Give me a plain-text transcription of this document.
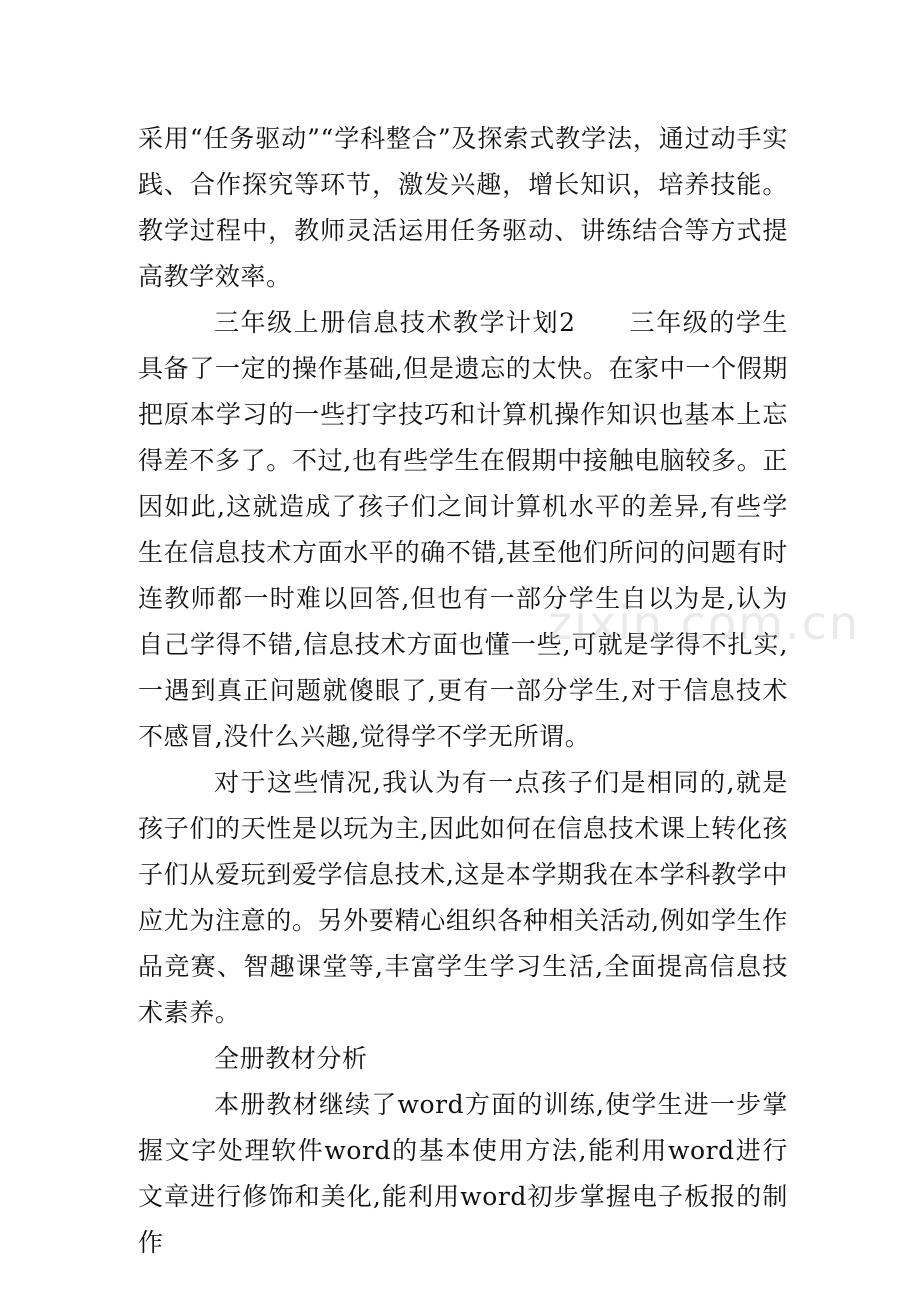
采用“任务驱动”“学科整合”及探索式教学法，通过动手实践、合作探究等环节，激发兴趣，增长知识，培养技能。教学过程中，教师灵活运用任务驱动、讲练结合等方式提高教学效率。

三年级上册信息技术教学计划2　　三年级的学生具备了一定的操作基础,但是遗忘的太快。在家中一个假期把原本学习的一些打字技巧和计算机操作知识也基本上忘得差不多了。不过,也有些学生在假期中接触电脑较多。正因如此,这就造成了孩子们之间计算机水平的差异,有些学生在信息技术方面水平的确不错,甚至他们所问的问题有时连教师都一时难以回答,但也有一部分学生自以为是,认为自己学得不错,信息技术方面也懂一些,可就是学得不扎实,一遇到真正问题就傻眼了,更有一部分学生,对于信息技术不感冒,没什么兴趣,觉得学不学无所谓。

对于这些情况,我认为有一点孩子们是相同的,就是孩子们的天性是以玩为主,因此如何在信息技术课上转化孩子们从爱玩到爱学信息技术,这是本学期我在本学科教学中应尤为注意的。另外要精心组织各种相关活动,例如学生作品竞赛、智趣课堂等,丰富学生学习生活,全面提高信息技术素养。

全册教材分析

本册教材继续了word方面的训练,使学生进一步掌握文字处理软件word的基本使用方法,能利用word进行文章进行修饰和美化,能利用word初步掌握电子板报的制作

zixin.com.cn
